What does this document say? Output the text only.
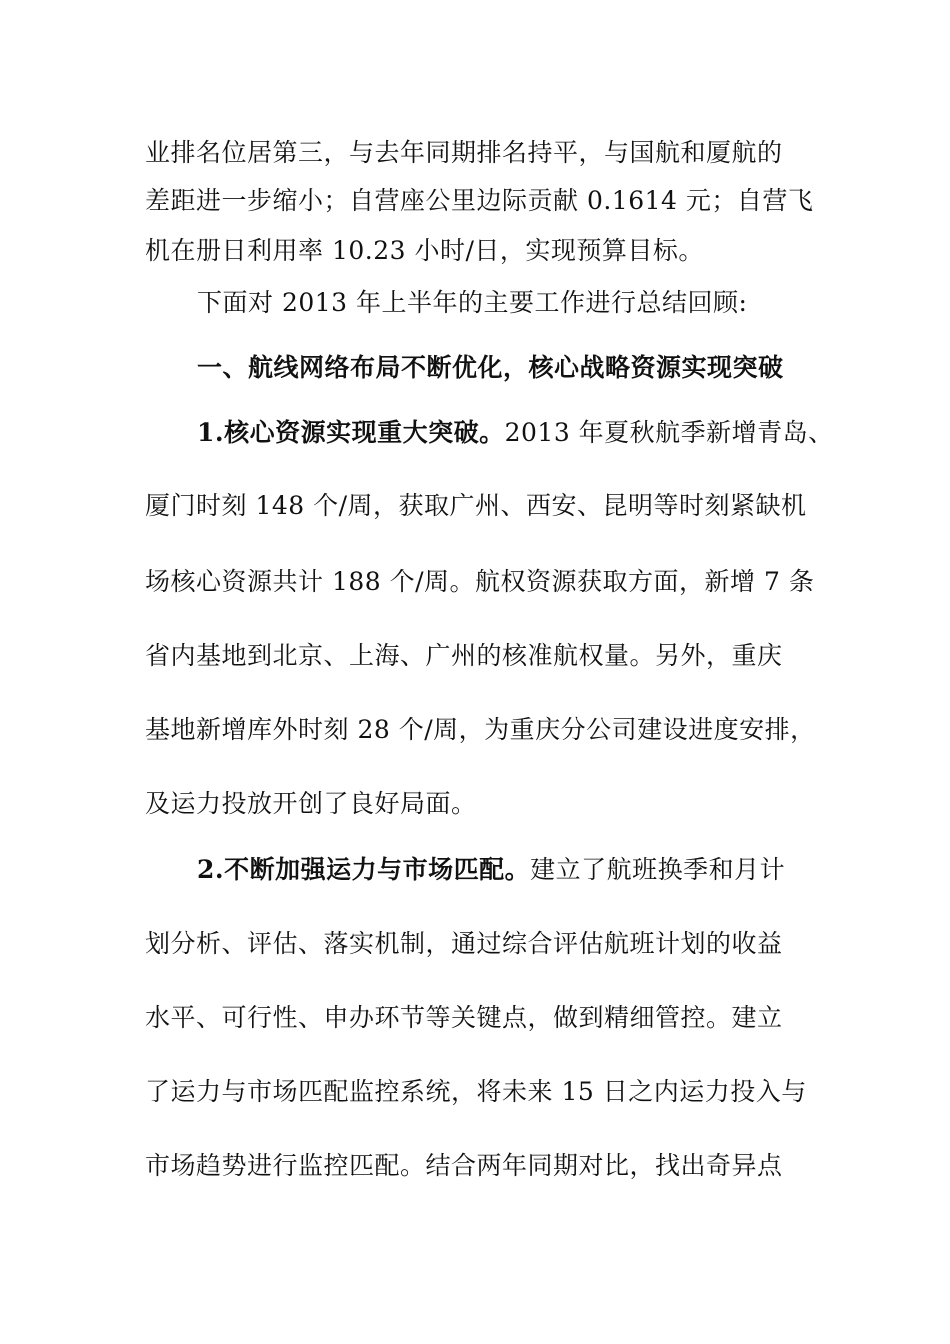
业排名位居第三，与去年同期排名持平，与国航和厦航的
差距进一步缩小；自营座公里边际贡献 0.1614 元；自营飞
机在册日利用率 10.23 小时/日，实现预算目标。
下面对 2013 年上半年的主要工作进行总结回顾:
一、航线网络布局不断优化，核心战略资源实现突破
1.核心资源实现重大突破。2013 年夏秋航季新增青岛、
厦门时刻 148 个/周，获取广州、西安、昆明等时刻紧缺机
场核心资源共计 188 个/周。航权资源获取方面，新增 7 条
省内基地到北京、上海、广州的核准航权量。另外，重庆
基地新增库外时刻 28 个/周，为重庆分公司建设进度安排，
及运力投放开创了良好局面。
2.不断加强运力与市场匹配。建立了航班换季和月计
划分析、评估、落实机制，通过综合评估航班计划的收益
水平、可行性、申办环节等关键点，做到精细管控。建立
了运力与市场匹配监控系统，将未来 15 日之内运力投入与
市场趋势进行监控匹配。结合两年同期对比，找出奇异点
